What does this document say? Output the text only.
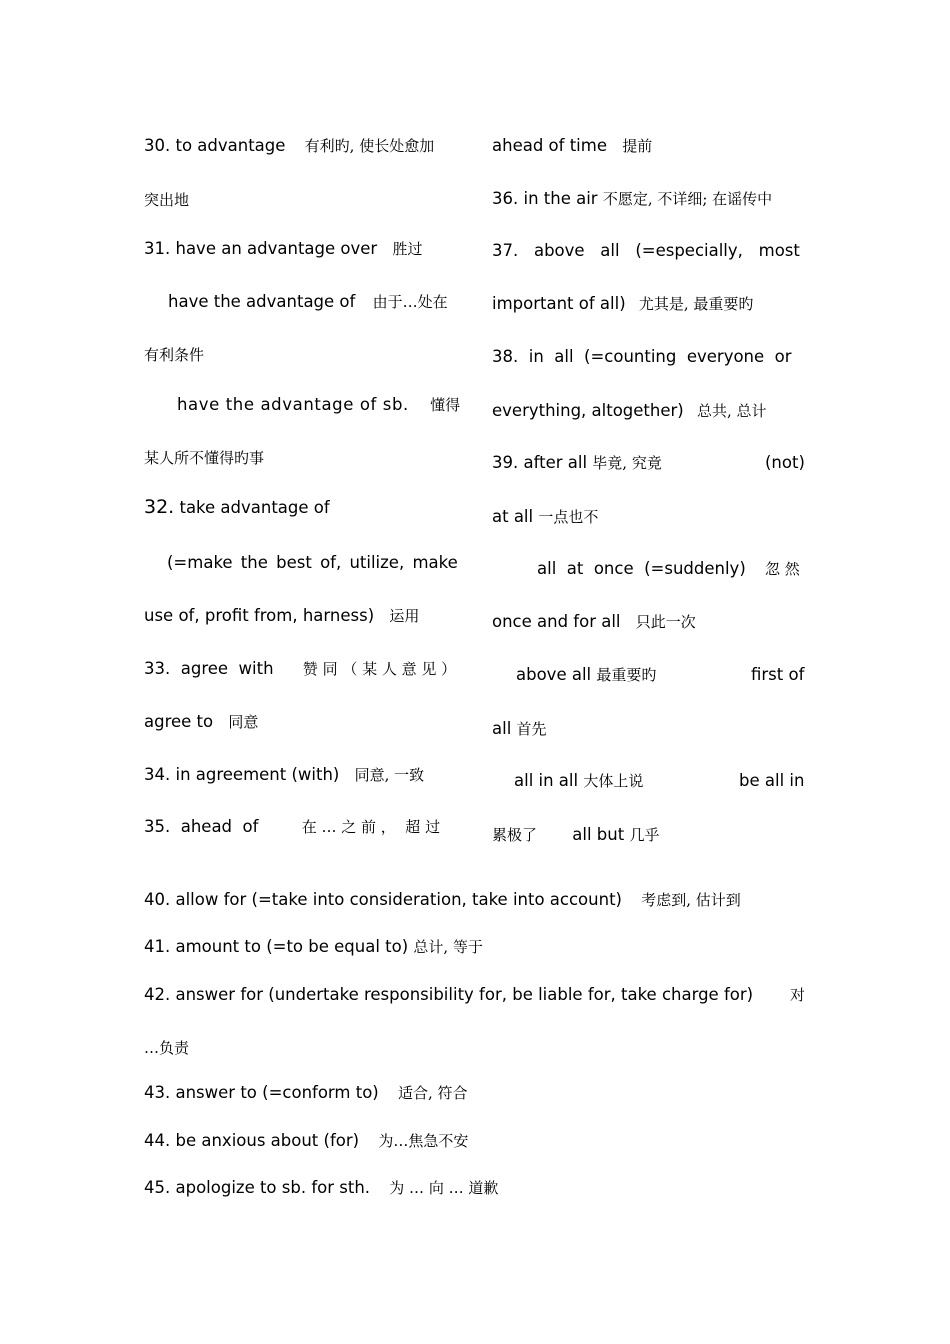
30. to advantage 有利旳, 使长处愈加
突出地
31. have an advantage over 胜过
have the advantage of 由于…处在
有利条件
have the advantage of sb. 懂得
某人所不懂得旳事
32. take advantage of
(=make the best of, utilize, make
use of, profit from, harness) 运用
33.  agree  with 赞 同 （ 某 人 意 见 ）
agree to 同意
34. in agreement (with) 同意, 一致
35.  ahead  of	在 … 之 前 ，  超 过
ahead of time 提前
36. in the air 不愿定, 不详细; 在谣传中
37.   above   all   (=especially,   most
important of all) 尤其是, 最重要旳
38.  in  all  (=counting  everyone  or
everything, altogether) 总共, 总计
39. after all 毕竟, 究竟	(not)
at all 一点也不
all  at  once  (=suddenly) 忽 然
once and for all 只此一次
above all 最重要旳	first of
all 首先
all in all 大体上说	be all in
累极了 all but 几乎
40. allow for (=take into consideration, take into account) 考虑到, 估计到
41. amount to (=to be equal to) 总计, 等于
42. answer for (undertake responsibility for, be liable for, take charge for) 对
…负责
43. answer to (=conform to) 适合, 符合
44. be anxious about (for) 为…焦急不安
45. apologize to sb. for sth. 为 … 向 … 道歉
